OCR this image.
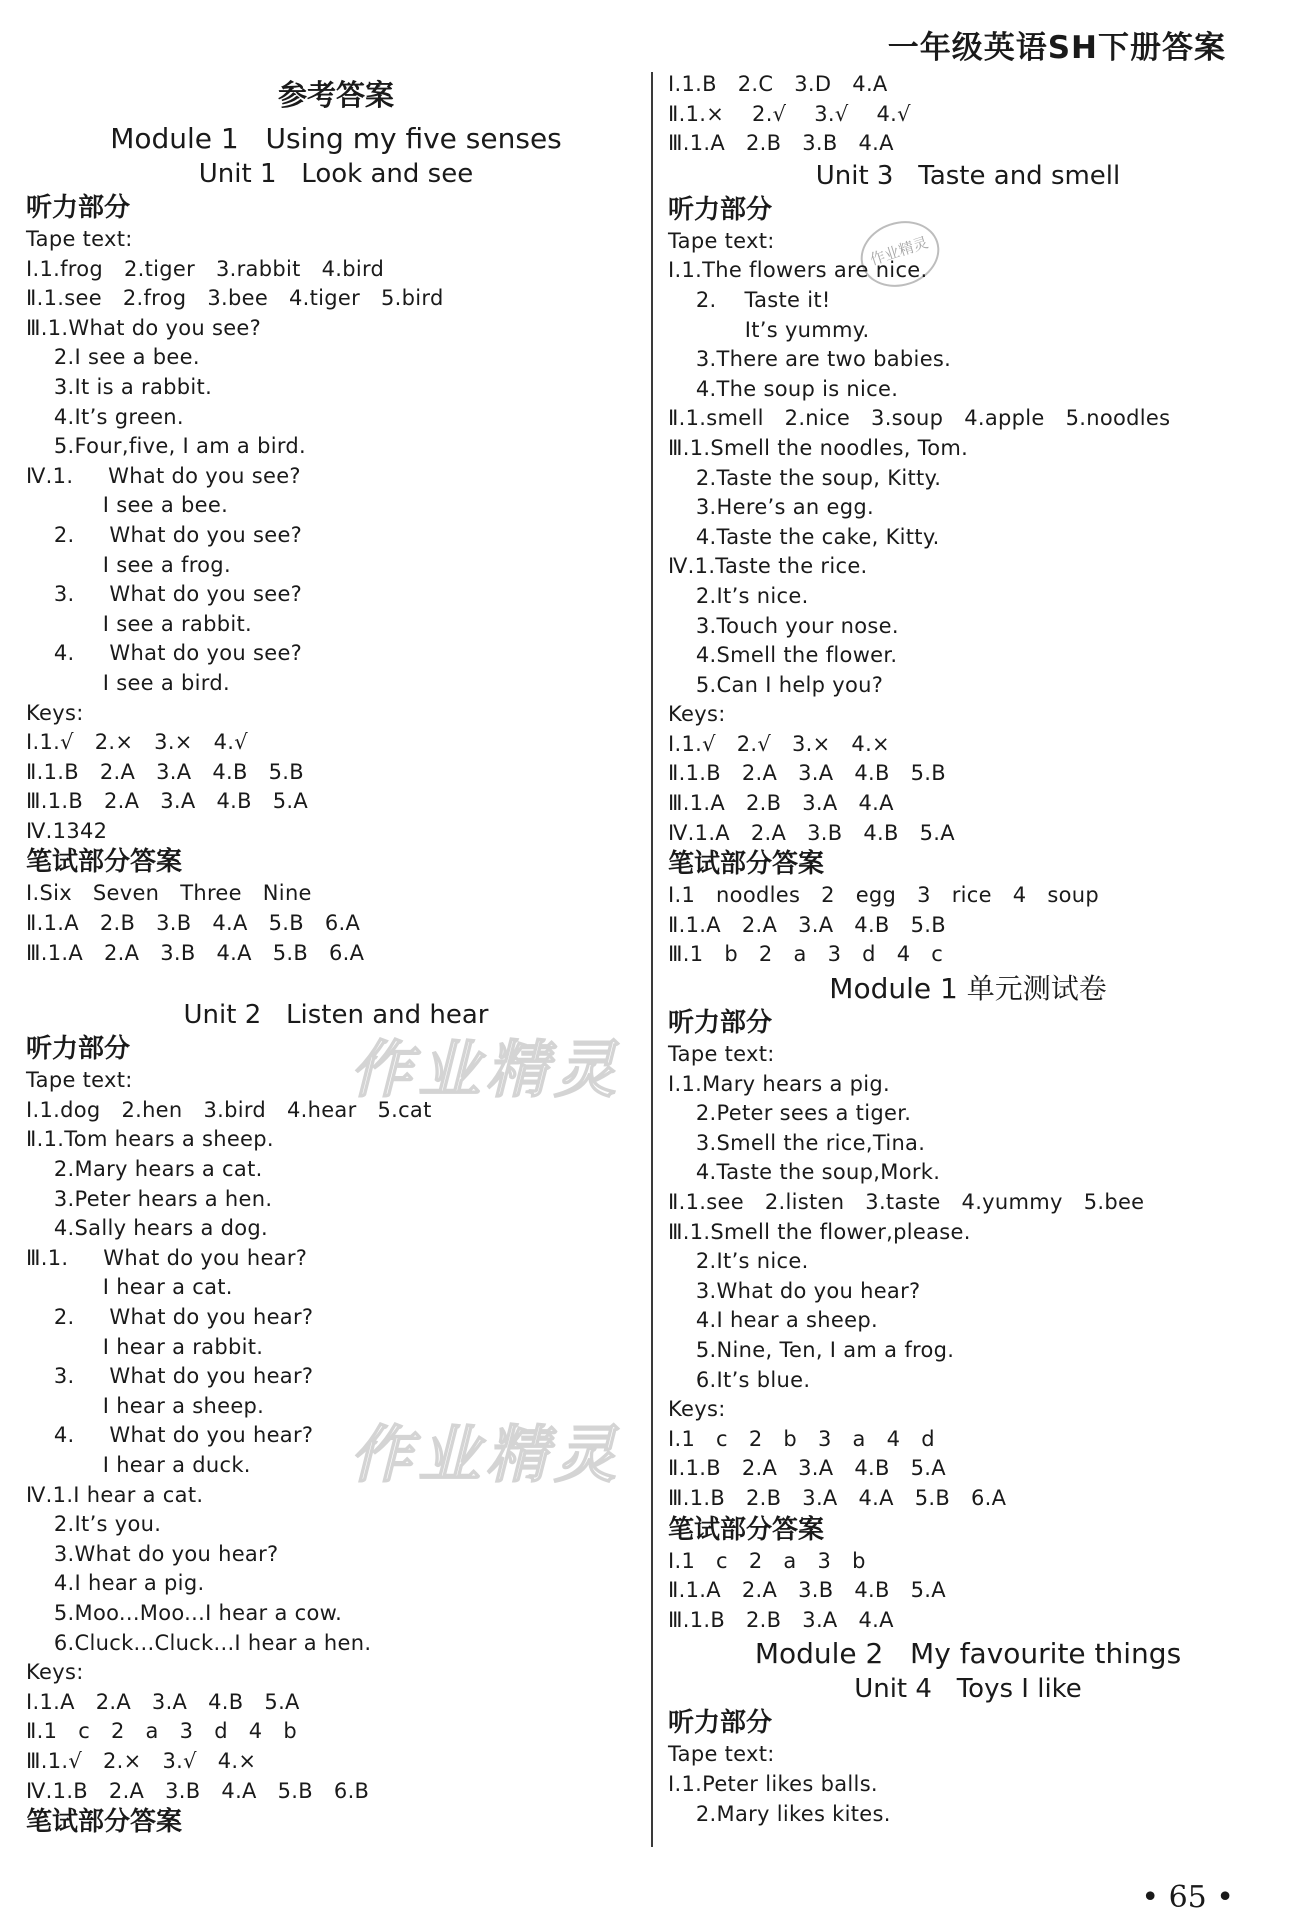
一年级英语SH下册答案
作业精灵
作业精灵
作业精灵
参考答案
Module 1   Using my five senses
Unit 1   Look and see
听力部分
Tape text:
Ⅰ.1.frog   2.tiger   3.rabbit   4.bird
Ⅱ.1.see   2.frog   3.bee   4.tiger   5.bird
Ⅲ.1.What do you see?
2.I see a bee.
3.It is a rabbit.
4.It’s green.
5.Four,five, I am a bird.
Ⅳ.1.     What do you see?
I see a bee.
2.     What do you see?
I see a frog.
3.     What do you see?
I see a rabbit.
4.     What do you see?
I see a bird.
Keys:
Ⅰ.1.√   2.×   3.×   4.√
Ⅱ.1.B   2.A   3.A   4.B   5.B
Ⅲ.1.B   2.A   3.A   4.B   5.A
Ⅳ.1342
笔试部分答案
Ⅰ.Six   Seven   Three   Nine
Ⅱ.1.A   2.B   3.B   4.A   5.B   6.A
Ⅲ.1.A   2.A   3.B   4.A   5.B   6.A
Unit 2   Listen and hear
听力部分
Tape text:
Ⅰ.1.dog   2.hen   3.bird   4.hear   5.cat
Ⅱ.1.Tom hears a sheep.
2.Mary hears a cat.
3.Peter hears a hen.
4.Sally hears a dog.
Ⅲ.1.     What do you hear?
I hear a cat.
2.     What do you hear?
I hear a rabbit.
3.     What do you hear?
I hear a sheep.
4.     What do you hear?
I hear a duck.
Ⅳ.1.I hear a cat.
2.It’s you.
3.What do you hear?
4.I hear a pig.
5.Moo...Moo...I hear a cow.
6.Cluck...Cluck...I hear a hen.
Keys:
Ⅰ.1.A   2.A   3.A   4.B   5.A
Ⅱ.1   c   2   a   3   d   4   b
Ⅲ.1.√   2.×   3.√   4.×
Ⅳ.1.B   2.A   3.B   4.A   5.B   6.B
笔试部分答案
Ⅰ.1.B   2.C   3.D   4.A
Ⅱ.1.×    2.√    3.√    4.√
Ⅲ.1.A   2.B   3.B   4.A
Unit 3   Taste and smell
听力部分
Tape text:
Ⅰ.1.The flowers are nice.
2.    Taste it!
It’s yummy.
3.There are two babies.
4.The soup is nice.
Ⅱ.1.smell   2.nice   3.soup   4.apple   5.noodles
Ⅲ.1.Smell the noodles, Tom.
2.Taste the soup, Kitty.
3.Here’s an egg.
4.Taste the cake, Kitty.
Ⅳ.1.Taste the rice.
2.It’s nice.
3.Touch your nose.
4.Smell the flower.
5.Can I help you?
Keys:
Ⅰ.1.√   2.√   3.×   4.×
Ⅱ.1.B   2.A   3.A   4.B   5.B
Ⅲ.1.A   2.B   3.A   4.A
Ⅳ.1.A   2.A   3.B   4.B   5.A
笔试部分答案
Ⅰ.1   noodles   2   egg   3   rice   4   soup
Ⅱ.1.A   2.A   3.A   4.B   5.B
Ⅲ.1   b   2   a   3   d   4   c
Module 1 单元测试卷
听力部分
Tape text:
Ⅰ.1.Mary hears a pig.
2.Peter sees a tiger.
3.Smell the rice,Tina.
4.Taste the soup,Mork.
Ⅱ.1.see   2.listen   3.taste   4.yummy   5.bee
Ⅲ.1.Smell the flower,please.
2.It’s nice.
3.What do you hear?
4.I hear a sheep.
5.Nine, Ten, I am a frog.
6.It’s blue.
Keys:
Ⅰ.1   c   2   b   3   a   4   d
Ⅱ.1.B   2.A   3.A   4.B   5.A
Ⅲ.1.B   2.B   3.A   4.A   5.B   6.A
笔试部分答案
Ⅰ.1   c   2   a   3   b
Ⅱ.1.A   2.A   3.B   4.B   5.A
Ⅲ.1.B   2.B   3.A   4.A
Module 2   My favourite things
Unit 4   Toys I like
听力部分
Tape text:
Ⅰ.1.Peter likes balls.
2.Mary likes kites.
• 65 •
